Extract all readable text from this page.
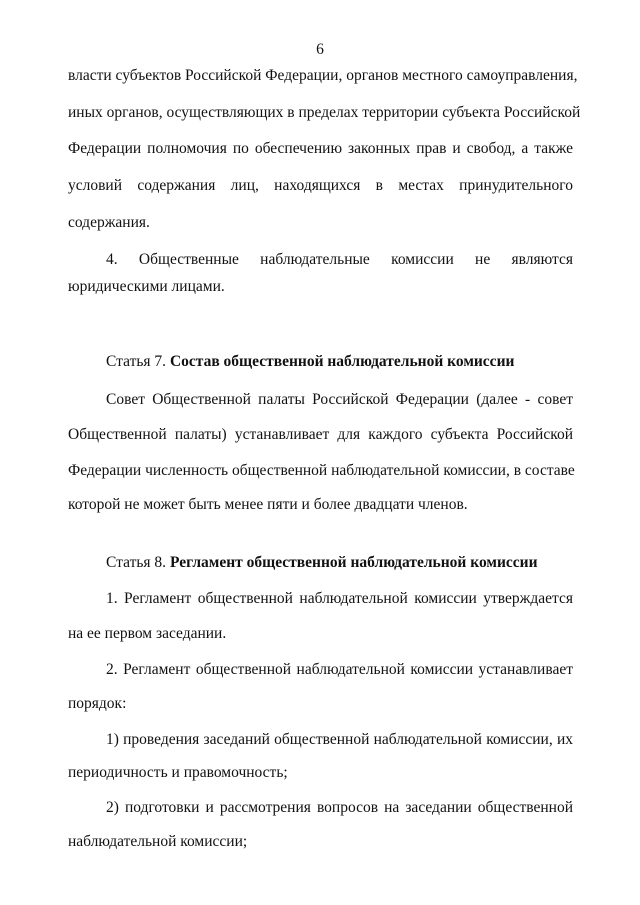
6

власти субъектов Российской Федерации, органов местного самоуправления,

иных органов, осуществляющих в пределах территории субъекта Российской

Федерации полномочия по обеспечению законных прав и свобод, а также

условий содержания лиц, находящихся в местах принудительного

содержания.

4. Общественные наблюдательные комиссии не являются

юридическими лицами.

Статья 7. Состав общественной наблюдательной комиссии

Совет Общественной палаты Российской Федерации (далее - совет

Общественной палаты) устанавливает для каждого субъекта Российской

Федерации численность общественной наблюдательной комиссии, в составе

которой не может быть менее пяти и более двадцати членов.

Статья 8. Регламент общественной наблюдательной комиссии

1. Регламент общественной наблюдательной комиссии утверждается

на ее первом заседании.

2. Регламент общественной наблюдательной комиссии устанавливает

порядок:

1) проведения заседаний общественной наблюдательной комиссии, их

периодичность и правомочность;

2) подготовки и рассмотрения вопросов на заседании общественной

наблюдательной комиссии;
